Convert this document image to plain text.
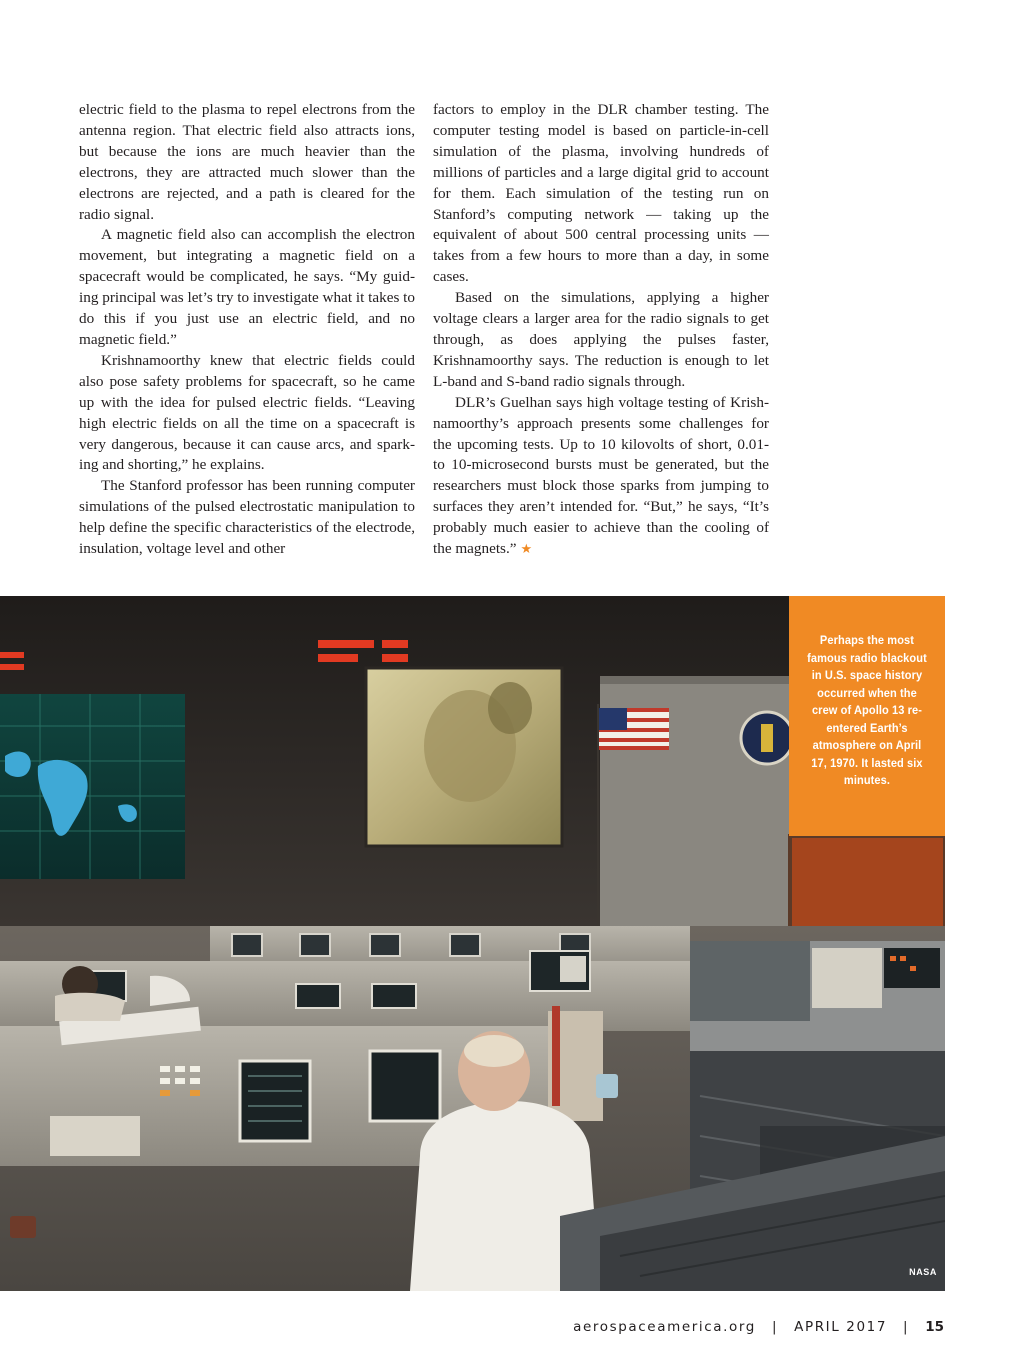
electric field to the plasma to repel electrons from the antenna region. That electric field also attracts ions, but because the ions are much heavier than the electrons, they are attracted much slower than the electrons are rejected, and a path is cleared for the radio signal.

A magnetic field also can accomplish the electron movement, but integrating a magnetic field on a spacecraft would be complicated, he says. “My guiding principal was let’s try to investigate what it takes to do this if you just use an electric field, and no magnetic field.”

Krishnamoorthy knew that electric fields could also pose safety problems for spacecraft, so he came up with the idea for pulsed electric fields. “Leaving high electric fields on all the time on a spacecraft is very dangerous, because it can cause arcs, and sparking and shorting,” he explains.

The Stanford professor has been running computer simulations of the pulsed electrostatic manipulation to help define the specific characteristics of the electrode, insulation, voltage level and other

factors to employ in the DLR chamber testing. The computer testing model is based on particle-in-cell simulation of the plasma, involving hundreds of millions of particles and a large digital grid to account for them. Each simulation of the testing run on Stanford’s computing network — taking up the equivalent of about 500 central processing units — takes from a few hours to more than a day, in some cases.

Based on the simulations, applying a higher voltage clears a larger area for the radio signals to get through, as does applying the pulses faster, Krishnamoorthy says. The reduction is enough to let L-band and S-band radio signals through.

DLR’s Guelhan says high voltage testing of Krishnamoorthy’s approach presents some challenges for the upcoming tests. Up to 10 kilovolts of short, 0.01- to 10-microsecond bursts must be generated, but the researchers must block those sparks from jumping to surfaces they aren’t intended for. “But,” he says, “It’s probably much easier to achieve than the cooling of the magnets.” ★

Perhaps the most famous radio blackout in U.S. space history occurred when the crew of Apollo 13 re-entered Earth’s atmosphere on April 17, 1970. It lasted six minutes.
NASA
aerospaceamerica.org | APRIL 2017 | 15
